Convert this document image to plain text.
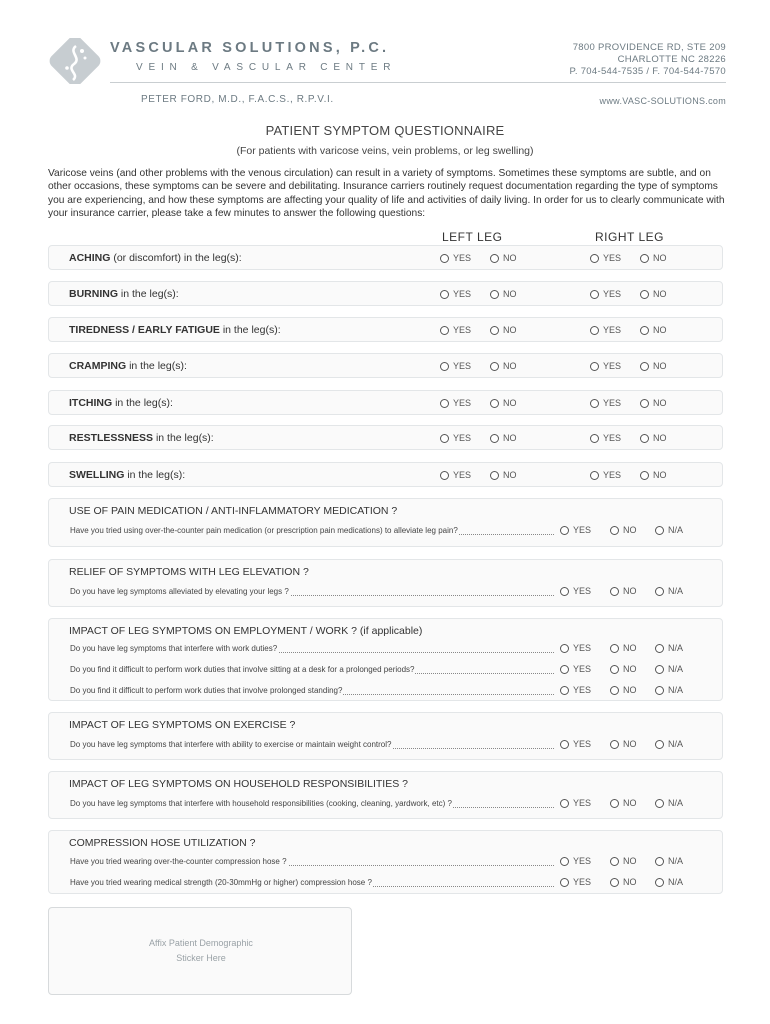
VASCULAR SOLUTIONS, P.C.
VEIN & VASCULAR CENTER
7800 PROVIDENCE RD, STE 209
CHARLOTTE NC 28226
P. 704-544-7535 / F. 704-544-7570
PETER FORD, M.D., F.A.C.S., R.P.V.I.	www.VASC-SOLUTIONS.com
PATIENT SYMPTOM QUESTIONNAIRE
(For patients with varicose veins, vein problems, or leg swelling)
Varicose veins (and other problems with the venous circulation) can result in a variety of symptoms. Sometimes these symptoms are subtle, and on other occasions, these symptoms can be severe and debilitating. Insurance carriers routinely request documentation regarding the type of symptoms you are experiencing, and how these symptoms are affecting your quality of life and activities of daily living. In order for us to clearly communicate with your insurance carrier, please take a few minutes to answer the following questions:
LEFT LEG	RIGHT LEG
ACHING (or discomfort) in the leg(s):	YES	NO	YES	NO
BURNING in the leg(s):	YES	NO	YES	NO
TIREDNESS / EARLY FATIGUE in the leg(s):	YES	NO	YES	NO
CRAMPING in the leg(s):	YES	NO	YES	NO
ITCHING in the leg(s):	YES	NO	YES	NO
RESTLESSNESS in the leg(s):	YES	NO	YES	NO
SWELLING in the leg(s):	YES	NO	YES	NO
USE OF PAIN MEDICATION / ANTI-INFLAMMATORY MEDICATION ?
Have you tried using over-the-counter pain medication (or prescription pain medications) to alleviate leg pain?	YES	NO	N/A
RELIEF OF SYMPTOMS WITH LEG ELEVATION ?
Do you have leg symptoms alleviated by elevating your legs ?	YES	NO	N/A
IMPACT OF LEG SYMPTOMS ON EMPLOYMENT / WORK ? (if applicable)
Do you have leg symptoms that interfere with work duties?	YES	NO	N/A
Do you find it difficult to perform work duties that involve sitting at a desk for a prolonged periods?	YES	NO	N/A
Do you find it difficult to perform work duties that involve prolonged standing?	YES	NO	N/A
IMPACT OF LEG SYMPTOMS ON EXERCISE ?
Do you have leg symptoms that interfere with ability to exercise or maintain weight control?	YES	NO	N/A
IMPACT OF LEG SYMPTOMS ON HOUSEHOLD RESPONSIBILITIES ?
Do you have leg symptoms that interfere with household responsibilities (cooking, cleaning, yardwork, etc) ?	YES	NO	N/A
COMPRESSION HOSE UTILIZATION ?
Have you tried wearing over-the-counter compression hose ?	YES	NO	N/A
Have you tried wearing medical strength (20-30mmHg or higher) compression hose ?	YES	NO	N/A
Affix Patient Demographic
Sticker Here
